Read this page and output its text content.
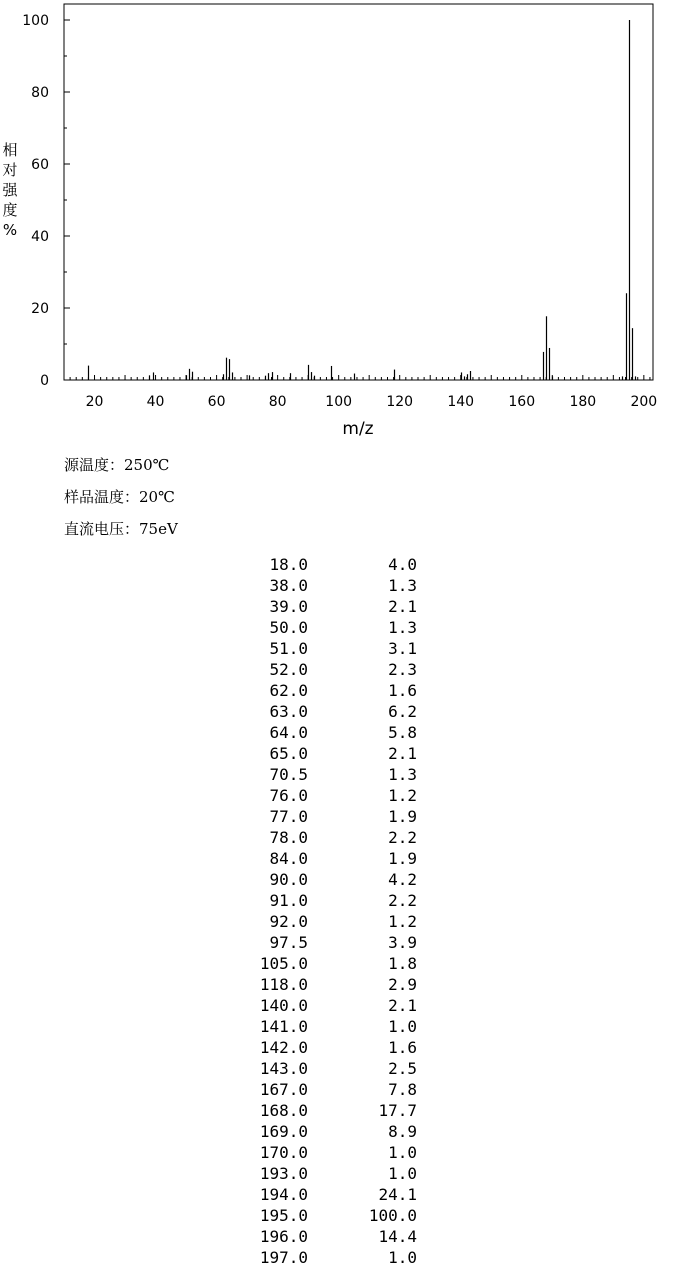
0
20
40
60
80
100
20	40	60	80	100 120 140 160 180 200
m/z
相对强度%
源温度：250℃
样品温度：20℃
直流电压：75eV
18.0	4.0
38.0	1.3
39.0	2.1
50.0	1.3
51.0	3.1
52.0	2.3
62.0	1.6
63.0	6.2
64.0	5.8
65.0	2.1
70.5	1.3
76.0	1.2
77.0	1.9
78.0	2.2
84.0	1.9
90.0	4.2
91.0	2.2
92.0	1.2
97.5	3.9
105.0	1.8
118.0	2.9
140.0	2.1
141.0	1.0
142.0	1.6
143.0	2.5
167.0	7.8
168.0	17.7
169.0	8.9
170.0	1.0
193.0	1.0
194.0	24.1
195.0	100.0
196.0	14.4
197.0	1.0
